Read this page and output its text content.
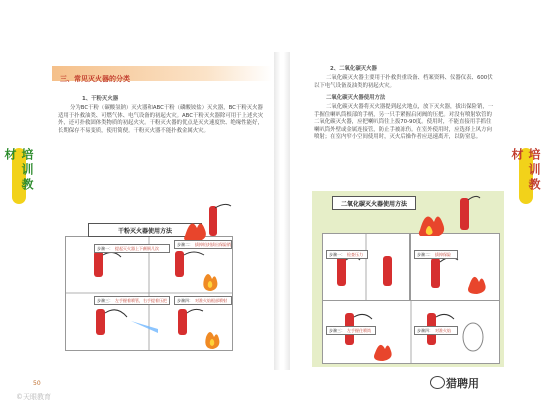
培训教材	培训教材
三、常见灭火器的分类
1、干粉灭火器
分为BC干粉（碳酸氢钠）灭火器和ABC干粉（磷酸铵盐）灭火器，BC干粉灭火器适用于扑救油类、可燃气体、电气设备的初起火灾。ABC干粉灭火器除可用于上述火灾外，还可扑救固体类物质的初起火灾。干粉灭火器的优点是灭火速度快、绝缘性能好，长期保存不易变质，使用简便。干粉灭火器不能扑救金属火灾。
干粉灭火器使用方法
步骤一： 提起灭火器上下颠倒几次
步骤二： 拔掉铅封拔出保险销
步骤三： 左手握着喷管，右手提着压把	步骤四： 对准火焰根部喷射
2、二氧化碳灭火器
二氧化碳灭火器主要用于扑救贵重设备、档案资料、仪器仪表、600伏以下电气设备及油类的初起火灾。
二氧化碳灭火器使用方法
二氧化碳灭火器将灭火器提到起火地点，放下灭火器，拔出保险销，一手握住喇叭筒根部的手柄，另一只手紧握启闭阀的压把。对没有喷射软管的二氧化碳灭火器，应把喇叭筒往上扳70-90度。使用时，不能直接用手抓住喇叭筒外壁或金属连接管，防止手被冻伤。在室外使用时，应选择上风方向喷射；在室内窄小空间使用时，灭火后操作者应迅速离开，以防窒息。
二氧化碳灭火器使用方法
步骤一： 检查压力	步骤二： 拔掉保险
步骤三： 左手握住喷筒	步骤四： 对准火焰
50
©天眼教育
猎聘用
